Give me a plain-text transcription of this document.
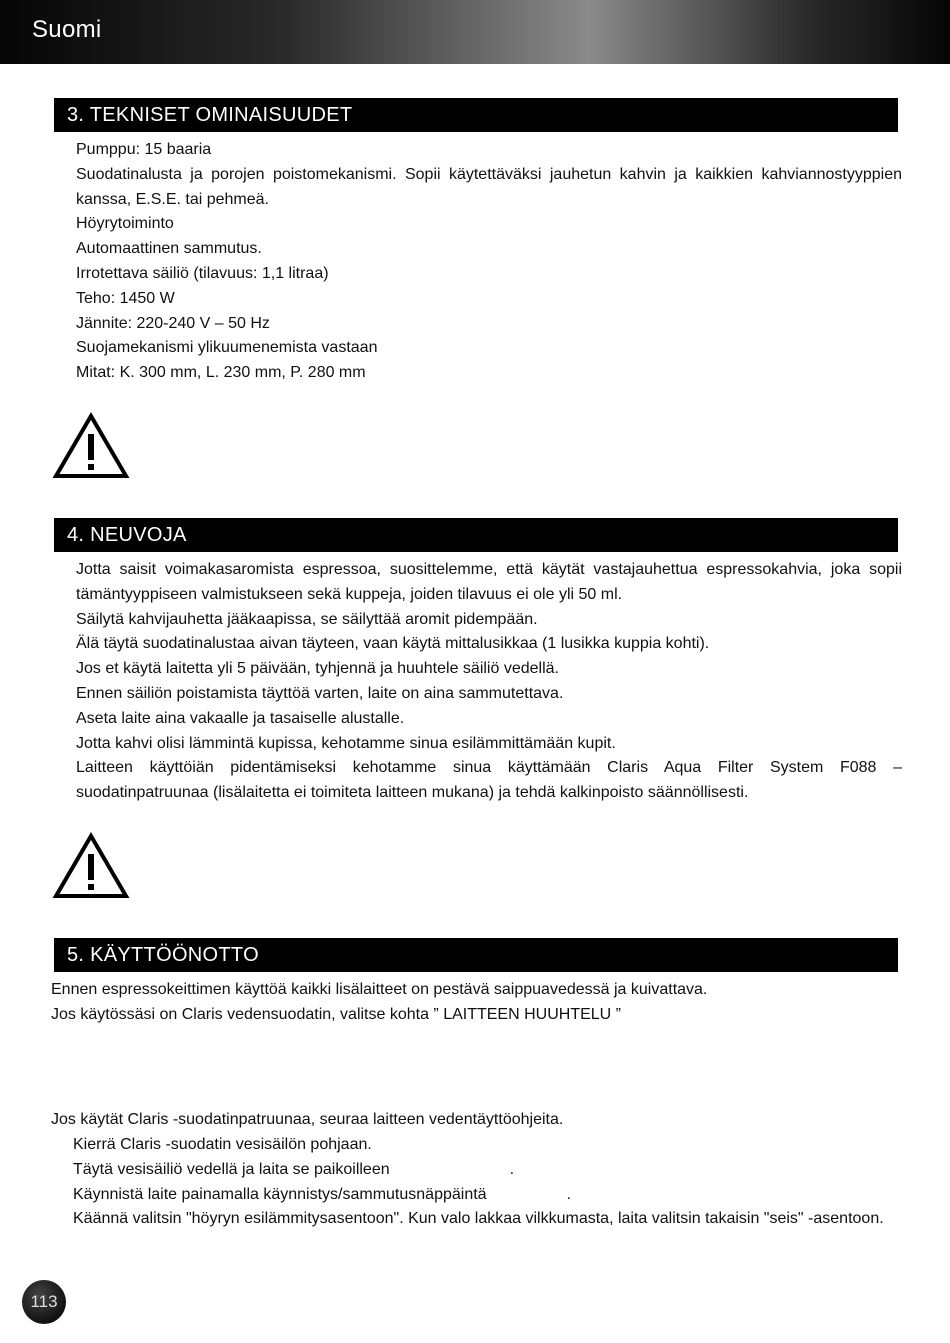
Suomi
3. TEKNISET OMINAISUUDET

Pumppu: 15 baaria

Suodatinalusta ja porojen poistomekanismi. Sopii käytettäväksi jauhetun kahvin ja kaikkien kahviannostyyppien kanssa, E.S.E. tai pehmeä.

Höyrytoiminto

Automaattinen sammutus.

Irrotettava säiliö (tilavuus: 1,1 litraa)

Teho: 1450 W

Jännite: 220-240 V – 50 Hz

Suojamekanismi ylikuumenemista vastaan

Mitat: K. 300 mm, L. 230 mm, P. 280 mm

4. NEUVOJA

Jotta saisit voimakasaromista espressoa, suosittelemme, että käytät vastajauhettua espressokahvia, joka sopii tämäntyyppiseen valmistukseen sekä kuppeja, joiden tilavuus ei ole yli 50 ml.

Säilytä kahvijauhetta jääkaapissa, se säilyttää aromit pidempään.

Älä täytä suodatinalustaa aivan täyteen, vaan käytä mittalusikkaa (1 lusikka kuppia kohti).

Jos et käytä laitetta yli 5 päivään, tyhjennä ja huuhtele säiliö vedellä.

Ennen säiliön poistamista täyttöä varten, laite on aina sammutettava.

Aseta laite aina vakaalle ja tasaiselle alustalle.

Jotta kahvi olisi lämmintä kupissa, kehotamme sinua esilämmittämään kupit.

Laitteen käyttöiän pidentämiseksi kehotamme sinua käyttämään Claris Aqua Filter System F088 – suodatinpatruunaa (lisälaitetta ei toimiteta laitteen mukana) ja tehdä kalkinpoisto säännöllisesti.

5. KÄYTTÖÖNOTTO

Ennen espressokeittimen käyttöä kaikki lisälaitteet on pestävä saippuavedessä ja kuivattava.

Jos käytössäsi on Claris vedensuodatin, valitse kohta ” LAITTEEN HUUHTELU ”

Jos käytät Claris -suodatinpatruunaa, seuraa laitteen vedentäyttöohjeita.

Kierrä Claris -suodatin vesisäilön pohjaan.

Täytä vesisäiliö vedellä ja laita se paikoilleen	.

Käynnistä laite painamalla käynnistys/sammutusnäppäintä	.

Käännä valitsin "höyryn esilämmitysasentoon". Kun valo lakkaa vilkkumasta, laita valitsin takaisin "seis" -asentoon.

113
